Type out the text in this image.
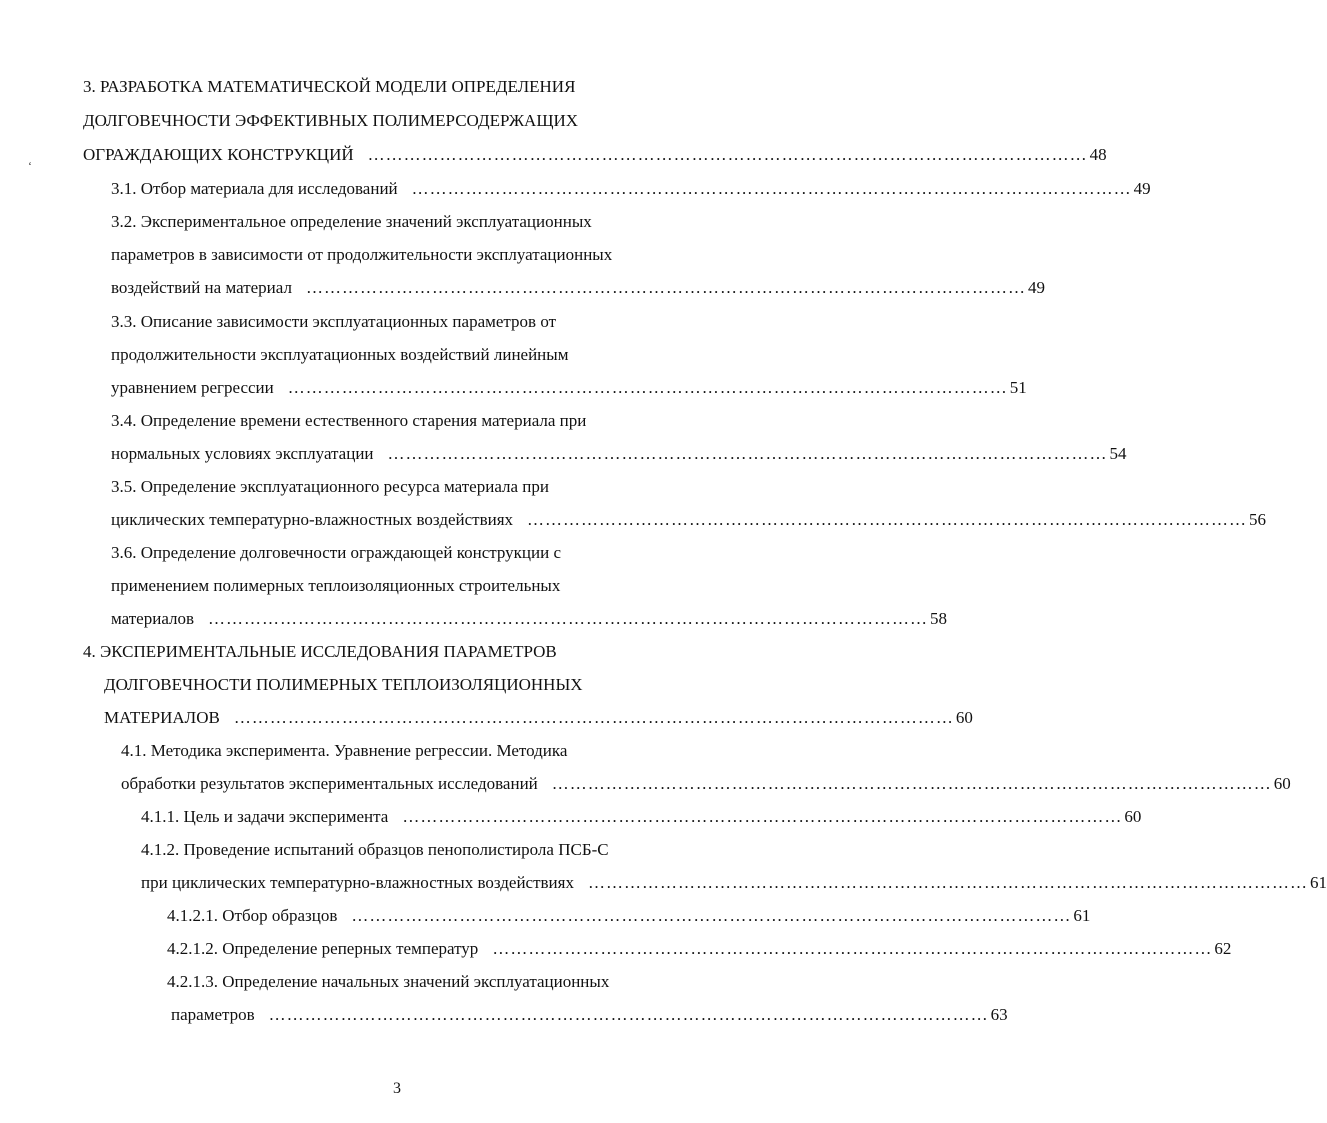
‘
3. РАЗРАБОТКА МАТЕМАТИЧЕСКОЙ МОДЕЛИ ОПРЕДЕЛЕНИЯ
ДОЛГОВЕЧНОСТИ ЭФФЕКТИВНЫХ ПОЛИМЕРСОДЕРЖАЩИХ
ОГРАЖДАЮЩИХ КОНСТРУКЦИЙ ………………………………………………………………………………………………………… 48
3.1. Отбор материала для исследований ………………………………………………………………………………………………………… 49
3.2. Экспериментальное определение значений эксплуатационных
параметров в зависимости от продолжительности эксплуатационных
воздействий на материал ………………………………………………………………………………………………………… 49
3.3. Описание зависимости эксплуатационных параметров от
продолжительности эксплуатационных воздействий линейным
уравнением регрессии ………………………………………………………………………………………………………… 51
3.4. Определение времени естественного старения материала при
нормальных условиях эксплуатации ………………………………………………………………………………………………………… 54
3.5. Определение эксплуатационного ресурса материала при
циклических температурно-влажностных воздействиях ………………………………………………………………………………………………………… 56
3.6. Определение долговечности ограждающей конструкции с
применением полимерных теплоизоляционных строительных
материалов ………………………………………………………………………………………………………… 58
4. ЭКСПЕРИМЕНТАЛЬНЫЕ ИССЛЕДОВАНИЯ ПАРАМЕТРОВ
ДОЛГОВЕЧНОСТИ ПОЛИМЕРНЫХ ТЕПЛОИЗОЛЯЦИОННЫХ
МАТЕРИАЛОВ ………………………………………………………………………………………………………… 60
4.1. Методика эксперимента. Уравнение регрессии. Методика
обработки результатов экспериментальных исследований ………………………………………………………………………………………………………… 60
4.1.1. Цель и задачи эксперимента ………………………………………………………………………………………………………… 60
4.1.2. Проведение испытаний образцов пенополистирола ПСБ-С
при циклических температурно-влажностных воздействиях ………………………………………………………………………………………………………… 61
4.1.2.1. Отбор образцов ………………………………………………………………………………………………………… 61
4.2.1.2. Определение реперных температур ………………………………………………………………………………………………………… 62
4.2.1.3. Определение начальных значений эксплуатационных
параметров ………………………………………………………………………………………………………… 63
3
